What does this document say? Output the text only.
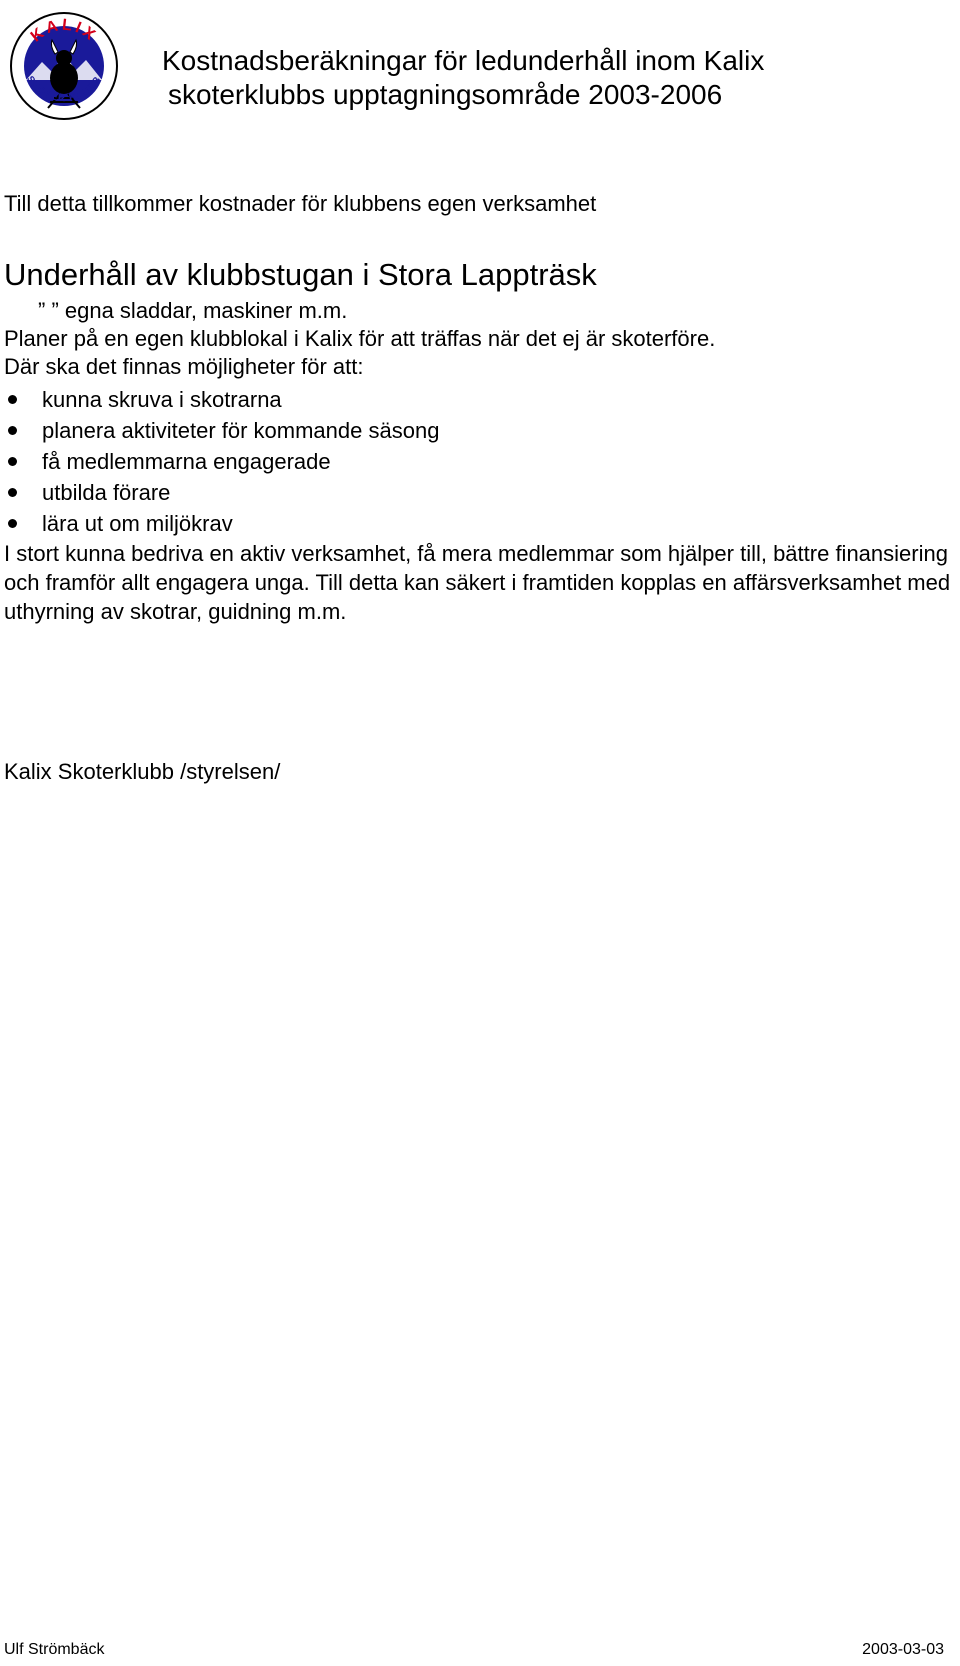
KALIX
SKOTER KLUBB
Kostnadsberäkningar för ledunderhåll inom Kalix
skoterklubbs upptagningsområde 2003-2006
Till detta tillkommer kostnader för klubbens egen verksamhet
Underhåll av klubbstugan i Stora Lappträsk
” ” egna sladdar, maskiner m.m.
Planer på en egen klubblokal i Kalix för att träffas när det ej är skoterföre.
Där ska det finnas möjligheter för att:
kunna skruva i skotrarna
planera aktiviteter för kommande säsong
få medlemmarna engagerade
utbilda förare
lära ut om miljökrav
I stort kunna bedriva en aktiv verksamhet, få mera medlemmar som hjälper till, bättre finansiering och framför allt engagera unga. Till detta kan säkert i framtiden kopplas en affärsverksamhet med uthyrning av skotrar, guidning m.m.
Kalix Skoterklubb /styrelsen/
Ulf Strömbäck	2003-03-03
